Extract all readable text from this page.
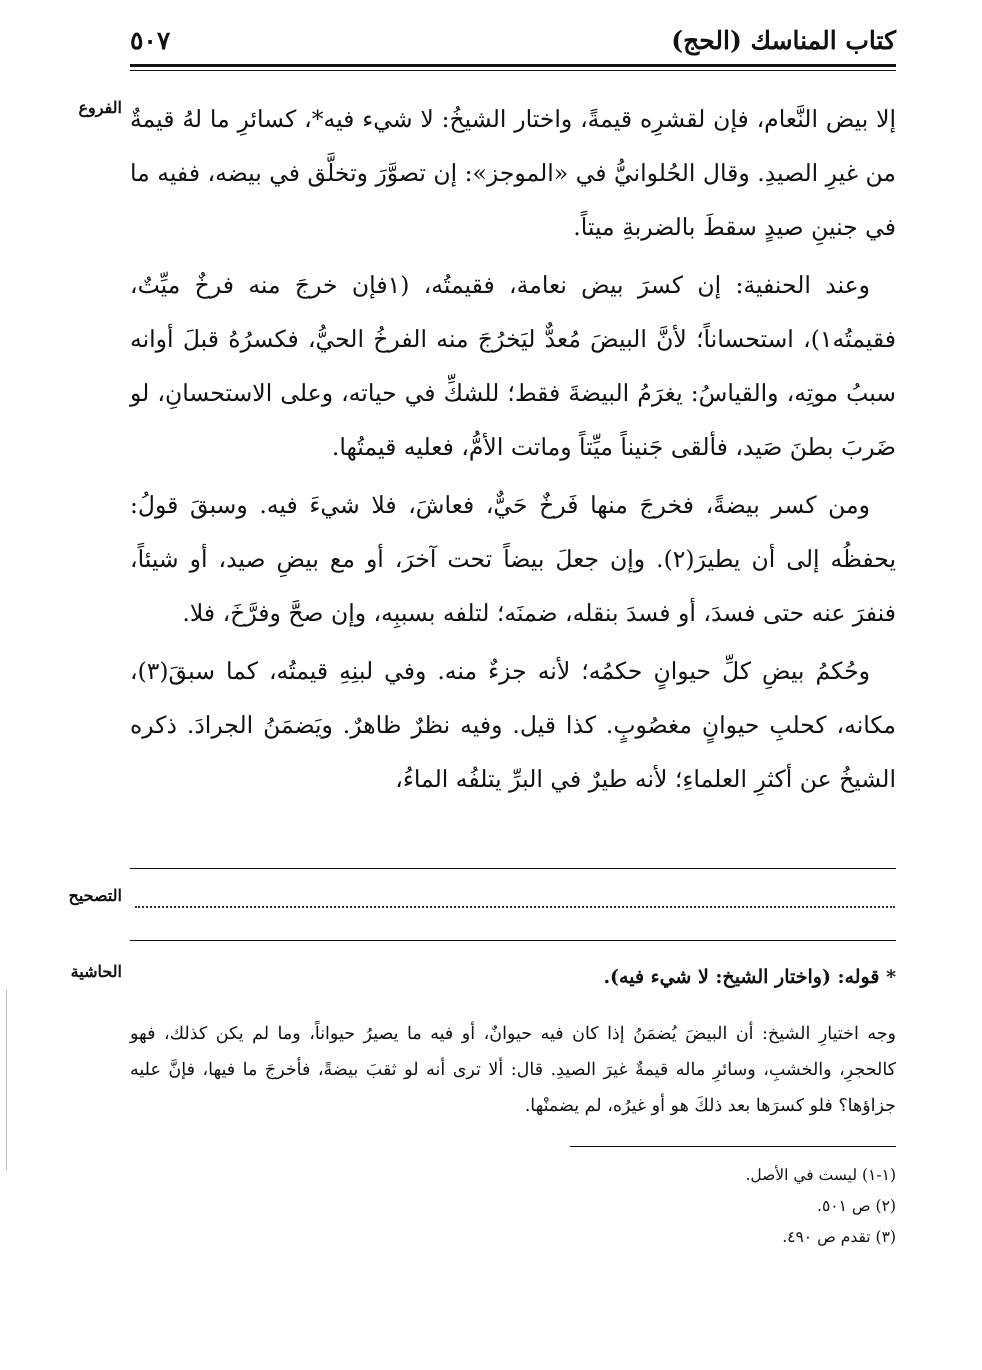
كتاب المناسك (الحج)
٥٠٧
الفروع إلا بيض النَّعام، فإن لقشرِه قيمةً، واختار الشيخُ: لا شيء فيه*، كسائرِ ما لهُ قيمةٌ من غيرِ الصيدِ. وقال الحُلوانيُّ في «الموجز»: إن تصوَّرَ وتخلَّق في بيضه، ففيه ما في جنينِ صيدٍ سقطَ بالضربةِ ميتاً.

وعند الحنفية: إن كسرَ بيض نعامة، فقيمتُه، (١فإن خرجَ منه فرخٌ ميِّتٌ، فقيمتُه١)، استحساناً؛ لأنَّ البيضَ مُعدٌّ ليَخرُجَ منه الفرخُ الحيُّ، فكسرُهُ قبلَ أوانه سببُ موتِه، والقياسُ: يغرَمُ البيضةَ فقط؛ للشكِّ في حياته، وعلى الاستحسانِ، لو ضَربَ بطنَ صَيد، فألقى جَنيناً ميِّتاً وماتت الأمُّ، فعليه قيمتُها.

ومن كسر بيضةً، فخرجَ منها فَرخٌ حَيٌّ، فعاشَ، فلا شيءَ فيه. وسبقَ قولُ: يحفظُه إلى أن يطيرَ(٢). وإن جعلَ بيضاً تحت آخرَ، أو مع بيضِ صيد، أو شيئاً، فنفرَ عنه حتى فسدَ، أو فسدَ بنقله، ضمنَه؛ لتلفه بسببِه، وإن صحَّ وفرَّخَ، فلا.

وحُكمُ بيضِ كلِّ حيوانٍ حكمُه؛ لأنه جزءٌ منه. وفي لبنِهِ قيمتُه، كما سبقَ(٣)، مكانه، كحلبِ حيوانٍ مغصُوبٍ. كذا قيل. وفيه نظرٌ ظاهرٌ. ويَضمَنُ الجرادَ. ذكره الشيخُ عن أكثرِ العلماءِ؛ لأنه طيرٌ في البرِّ يتلفُه الماءُ،

التصحيح
الحاشية	* قوله: (واختار الشيخ: لا شيء فيه).

وجه اختيارِ الشيخ: أن البيضَ يُضمَنُ إذا كان فيه حيوانٌ، أو فيه ما يصيرُ حيواناً، وما لم يكن كذلك، فهو كالحجرِ، والخشبِ، وسائرِ ماله قيمةٌ غيرَ الصيدِ. قال: ألا ترى أنه لو ثقبَ بيضةً، فأخرجَ ما فيها، فإنَّ عليه جزاؤها؟ فلو كسرَها بعد ذلكَ هو أو غيرُه، لم يضمنْها.

(١-١) ليست في الأصل.
(٢) ص ٥٠١.
(٣) تقدم ص ٤٩٠.
